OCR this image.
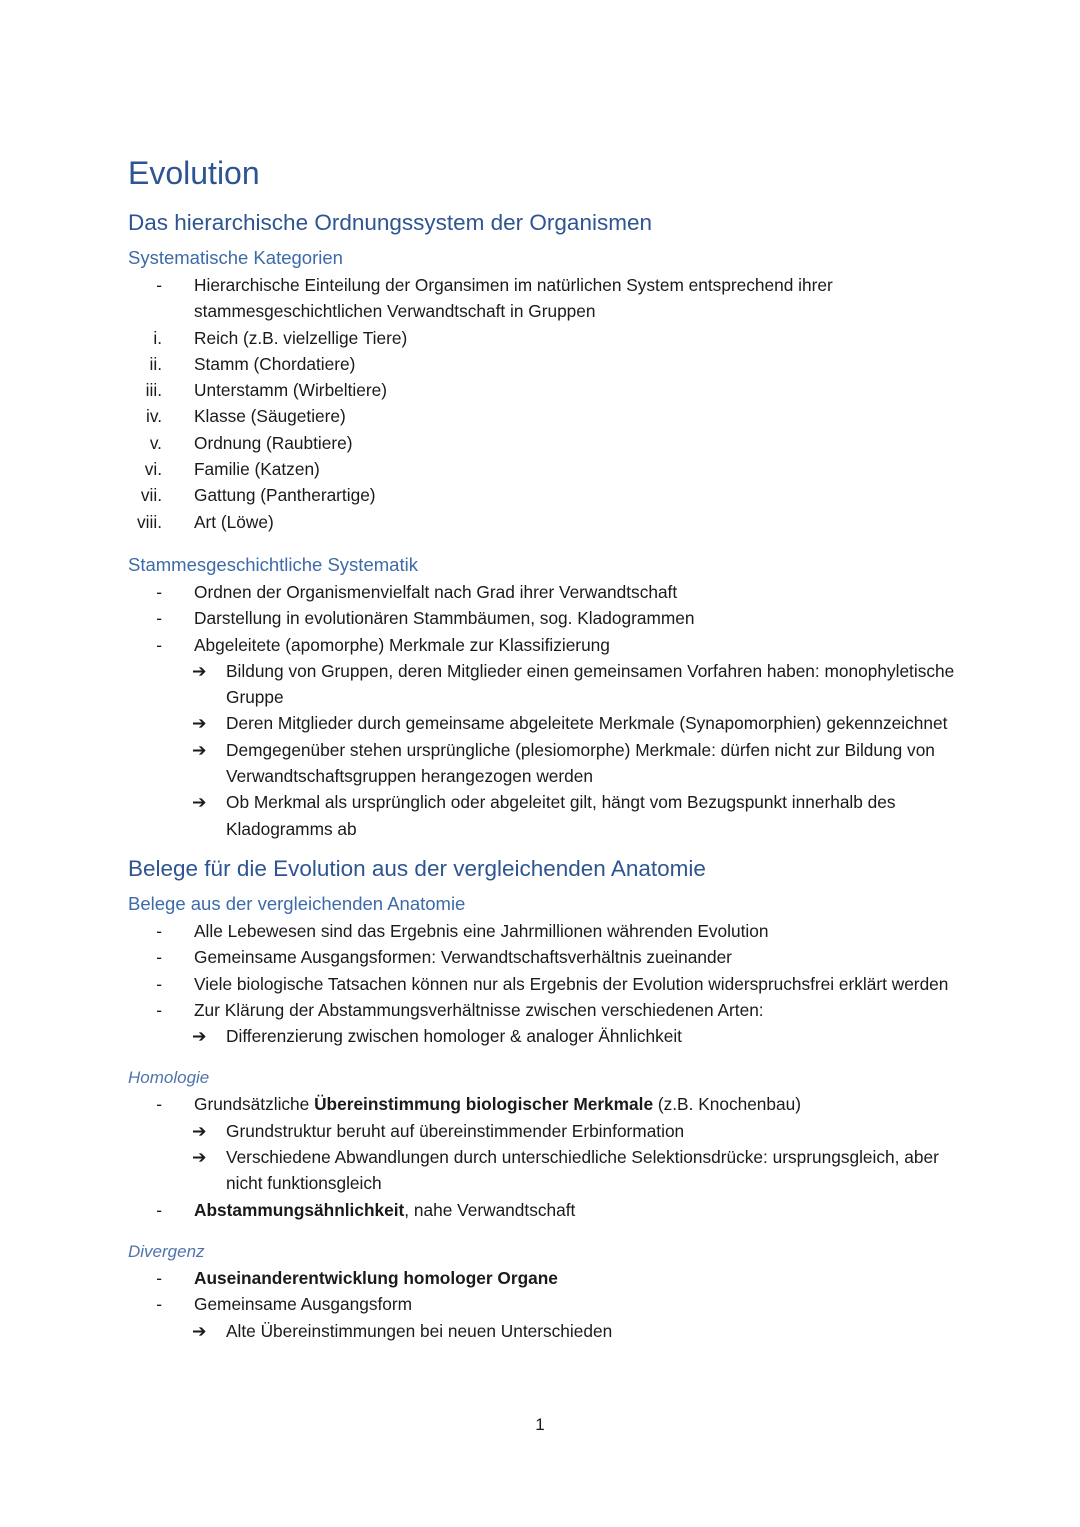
Evolution
Das hierarchische Ordnungssystem der Organismen
Systematische Kategorien
- Hierarchische Einteilung der Organsimen im natürlichen System entsprechend ihrer stammesgeschichtlichen Verwandtschaft in Gruppen
i. Reich (z.B. vielzellige Tiere)
ii. Stamm (Chordatiere)
iii. Unterstamm (Wirbeltiere)
iv. Klasse (Säugetiere)
v. Ordnung (Raubtiere)
vi. Familie (Katzen)
vii. Gattung (Pantherartige)
viii. Art (Löwe)
Stammesgeschichtliche Systematik
- Ordnen der Organismenvielfalt nach Grad ihrer Verwandtschaft
- Darstellung in evolutionären Stammbäumen, sog. Kladogrammen
- Abgeleitete (apomorphe) Merkmale zur Klassifizierung
➔	Bildung von Gruppen, deren Mitglieder einen gemeinsamen Vorfahren haben: monophyletische Gruppe
➔	Deren Mitglieder durch gemeinsame abgeleitete Merkmale (Synapomorphien) gekennzeichnet
➔	Demgegenüber stehen ursprüngliche (plesiomorphe) Merkmale: dürfen nicht zur Bildung von Verwandtschaftsgruppen herangezogen werden
➔	Ob Merkmal als ursprünglich oder abgeleitet gilt, hängt vom Bezugspunkt innerhalb des Kladogramms ab
Belege für die Evolution aus der vergleichenden Anatomie
Belege aus der vergleichenden Anatomie
- Alle Lebewesen sind das Ergebnis eine Jahrmillionen währenden Evolution
- Gemeinsame Ausgangsformen: Verwandtschaftsverhältnis zueinander
- Viele biologische Tatsachen können nur als Ergebnis der Evolution widerspruchsfrei erklärt werden
- Zur Klärung der Abstammungsverhältnisse zwischen verschiedenen Arten:
➔	Differenzierung zwischen homologer & analoger Ähnlichkeit
Homologie
- Grundsätzliche Übereinstimmung biologischer Merkmale (z.B. Knochenbau)
➔	Grundstruktur beruht auf übereinstimmender Erbinformation
➔	Verschiedene Abwandlungen durch unterschiedliche Selektionsdrücke: ursprungsgleich, aber nicht funktionsgleich
- Abstammungsähnlichkeit, nahe Verwandtschaft
Divergenz
- Auseinanderentwicklung homologer Organe
- Gemeinsame Ausgangsform
➔	Alte Übereinstimmungen bei neuen Unterschieden
1
